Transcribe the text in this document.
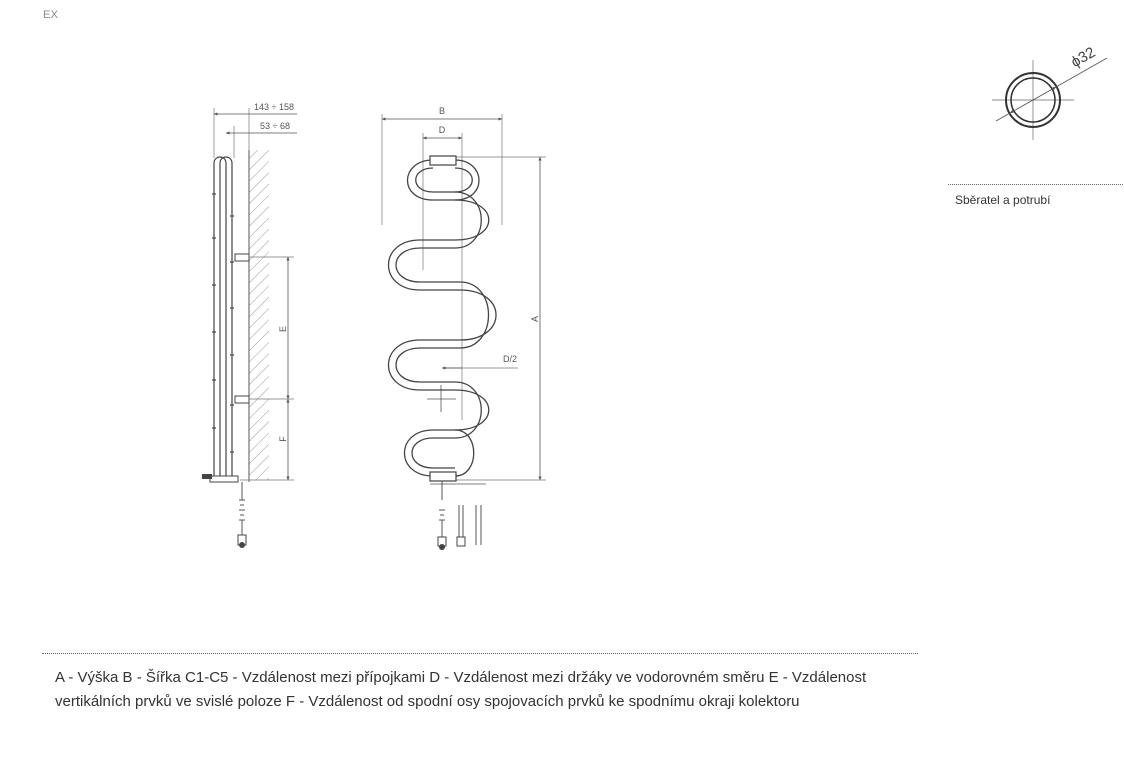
EX
143 ÷ 158
53 ÷ 68
E
F
B
D
A
D/2
ϕ32
Sběratel a potrubí
A - Výška B - Šířka C1-C5 - Vzdálenost mezi přípojkami D - Vzdálenost mezi držáky ve vodorovném směru E - Vzdálenost vertikálních prvků ve svislé poloze F - Vzdálenost od spodní osy spojovacích prvků ke spodnímu okraji kolektoru
